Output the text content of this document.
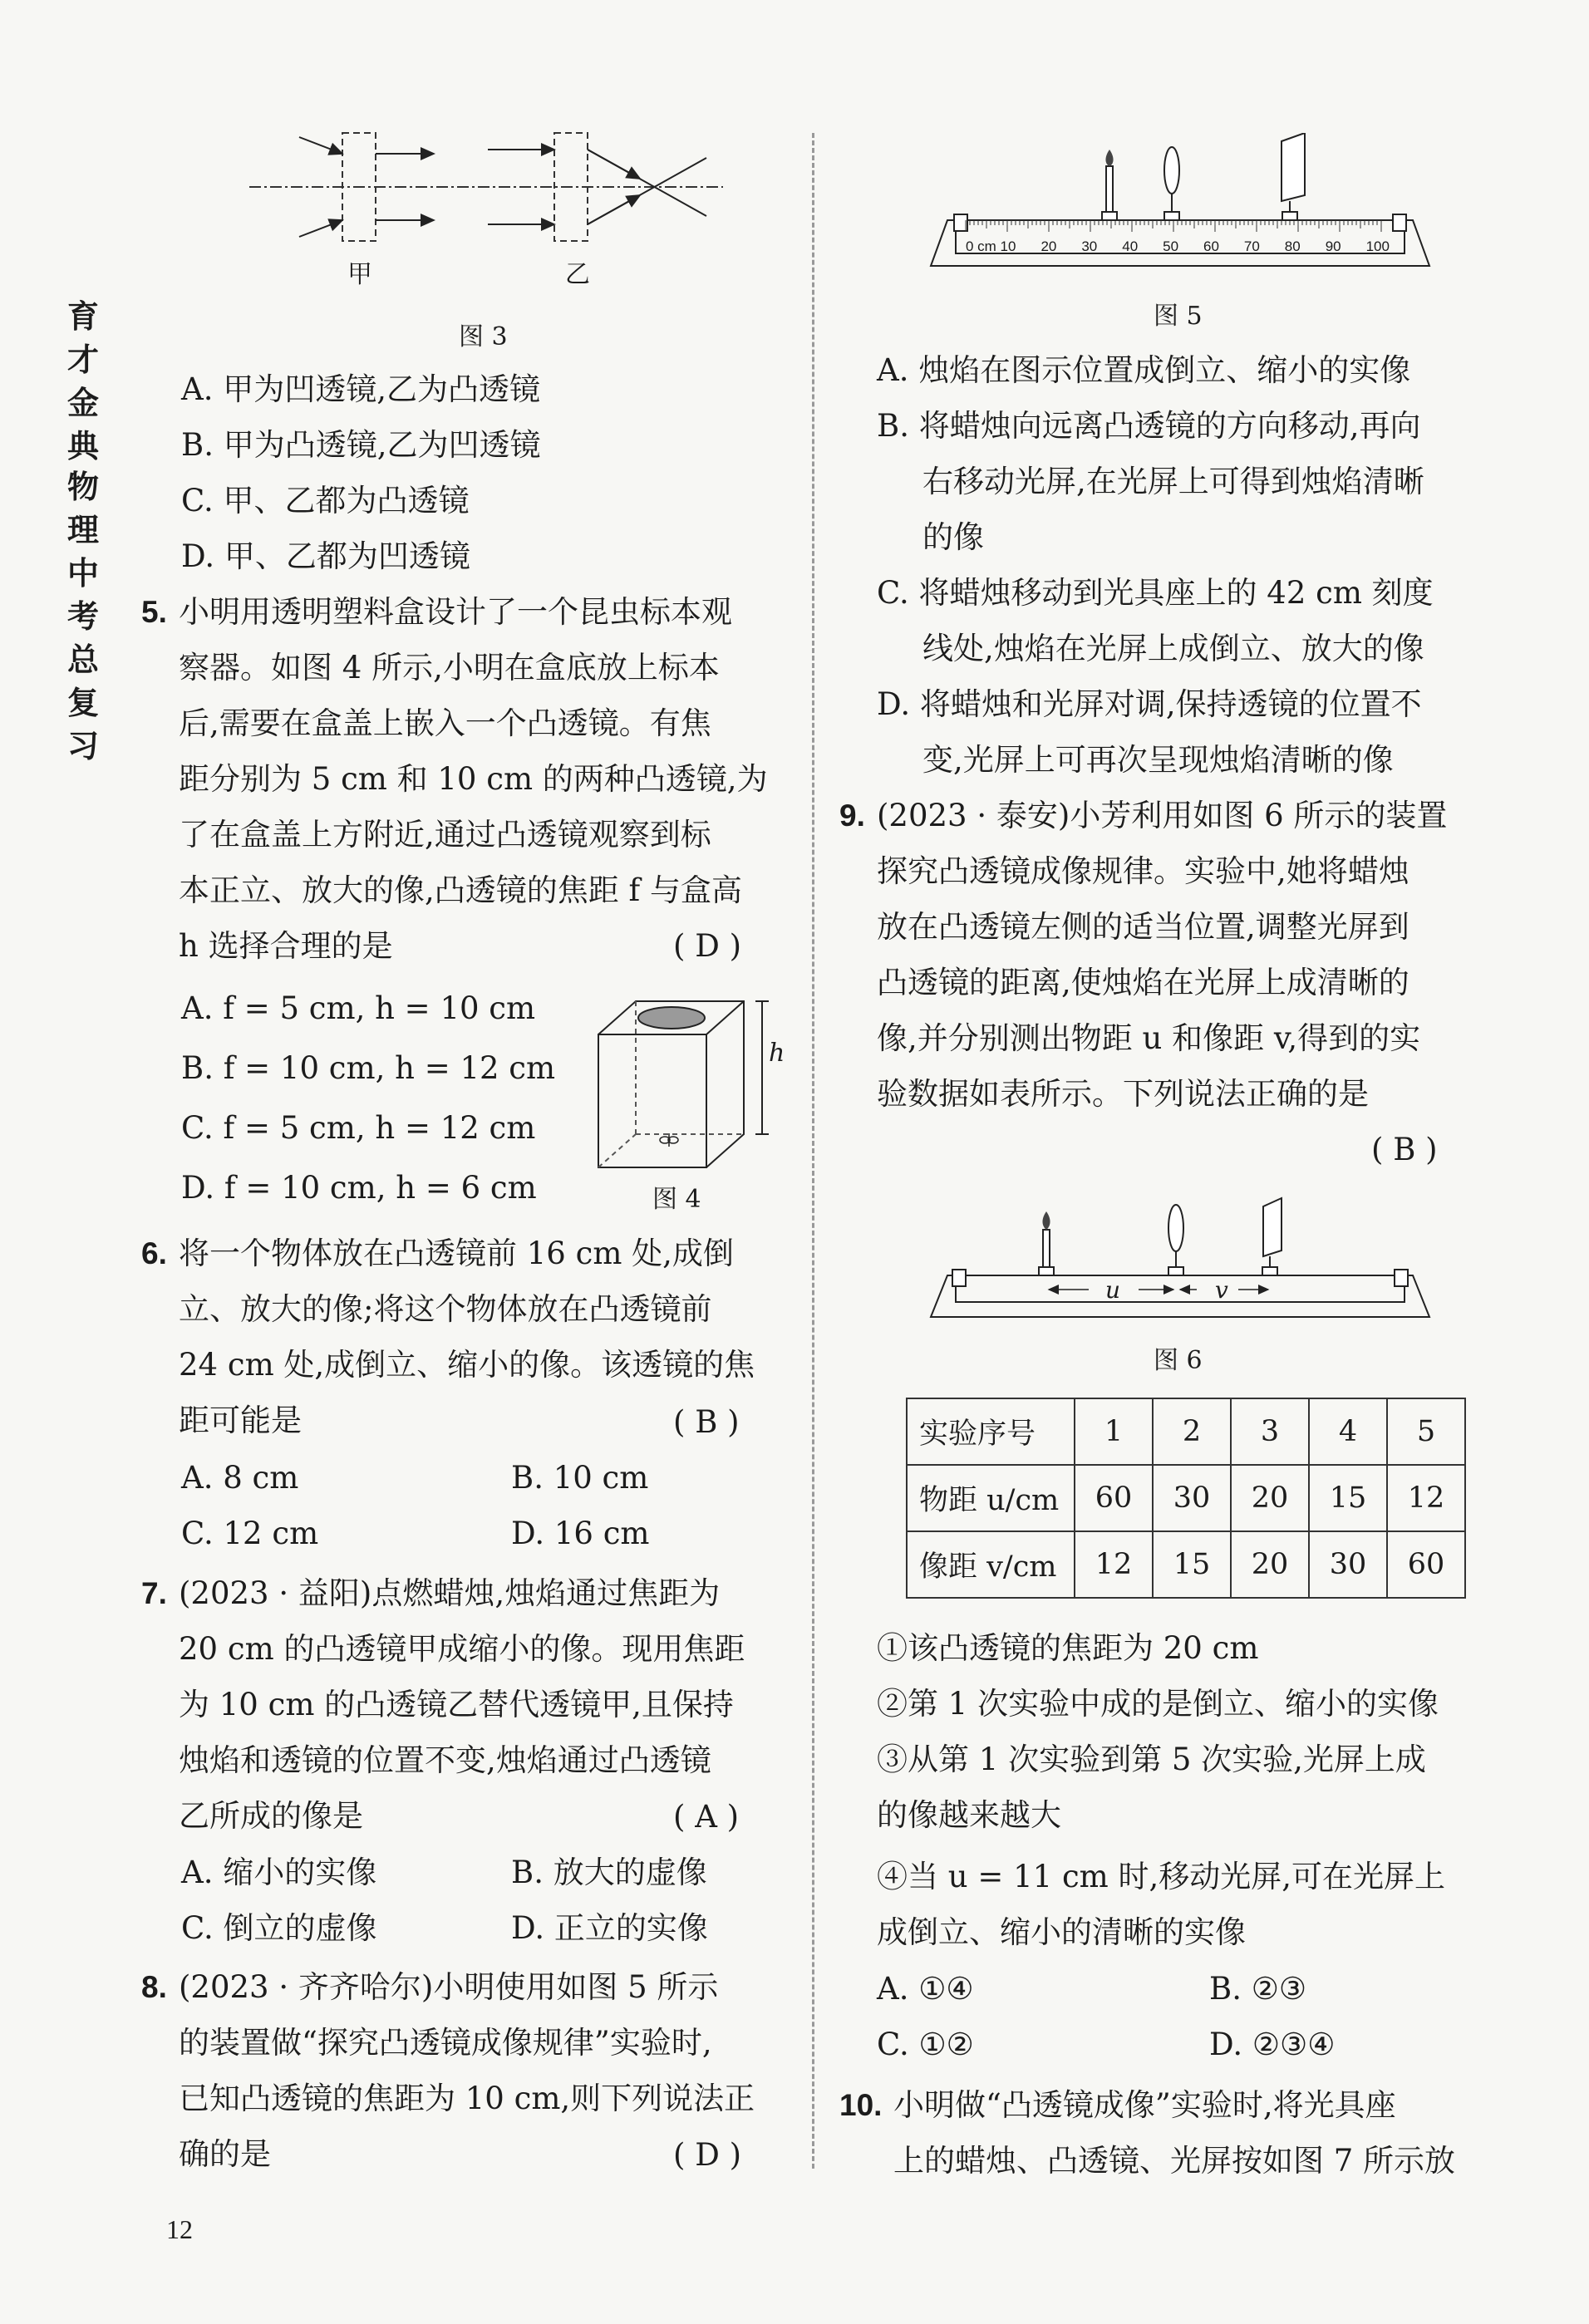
育
才
金
典
物
理
中
考
总
复
习
甲	乙
图 3
A. 甲为凹透镜,乙为凸透镜
B. 甲为凸透镜,乙为凹透镜
C. 甲、乙都为凸透镜
D. 甲、乙都为凹透镜
5. 小明用透明塑料盒设计了一个昆虫标本观
察器。如图 4 所示,小明在盒底放上标本
后,需要在盒盖上嵌入一个凸透镜。有焦
距分别为 5 cm 和 10 cm 的两种凸透镜,为
了在盒盖上方附近,通过凸透镜观察到标
本正立、放大的像,凸透镜的焦距 f 与盒高
h 选择合理的是	( D )
A. f = 5 cm, h = 10 cm
B. f = 10 cm, h = 12 cm
C. f = 5 cm, h = 12 cm
D. f = 10 cm, h = 6 cm
h
图 4
6. 将一个物体放在凸透镜前 16 cm 处,成倒
立、放大的像;将这个物体放在凸透镜前
24 cm 处,成倒立、缩小的像。该透镜的焦
距可能是	( B )
A. 8 cm	B. 10 cm
C. 12 cm	D. 16 cm
7. (2023 · 益阳)点燃蜡烛,烛焰通过焦距为
20 cm 的凸透镜甲成缩小的像。现用焦距
为 10 cm 的凸透镜乙替代透镜甲,且保持
烛焰和透镜的位置不变,烛焰通过凸透镜
乙所成的像是	( A )
A. 缩小的实像	B. 放大的虚像
C. 倒立的虚像	D. 正立的实像
8. (2023 · 齐齐哈尔)小明使用如图 5 所示
的装置做“探究凸透镜成像规律”实验时,
已知凸透镜的焦距为 10 cm,则下列说法正
确的是	( D )
12
0 cm 10 20 30 40 50 60 70 80 90 100
图 5
A. 烛焰在图示位置成倒立、缩小的实像
B. 将蜡烛向远离凸透镜的方向移动,再向
右移动光屏,在光屏上可得到烛焰清晰
的像
C. 将蜡烛移动到光具座上的 42 cm 刻度
线处,烛焰在光屏上成倒立、放大的像
D. 将蜡烛和光屏对调,保持透镜的位置不
变,光屏上可再次呈现烛焰清晰的像
9. (2023 · 泰安)小芳利用如图 6 所示的装置
探究凸透镜成像规律。实验中,她将蜡烛
放在凸透镜左侧的适当位置,调整光屏到
凸透镜的距离,使烛焰在光屏上成清晰的
像,并分别测出物距 u 和像距 v,得到的实
验数据如表所示。下列说法正确的是
( B )
u	v
图 6
实验序号	1	2	3	4	5
物距 u/cm	60	30	20	15	12
像距 v/cm	12	15	20	30	60
①该凸透镜的焦距为 20 cm
②第 1 次实验中成的是倒立、缩小的实像
③从第 1 次实验到第 5 次实验,光屏上成
的像越来越大
④当 u = 11 cm 时,移动光屏,可在光屏上
成倒立、缩小的清晰的实像
A. ①④	B. ②③
C. ①②	D. ②③④
10. 小明做“凸透镜成像”实验时,将光具座
上的蜡烛、凸透镜、光屏按如图 7 所示放
